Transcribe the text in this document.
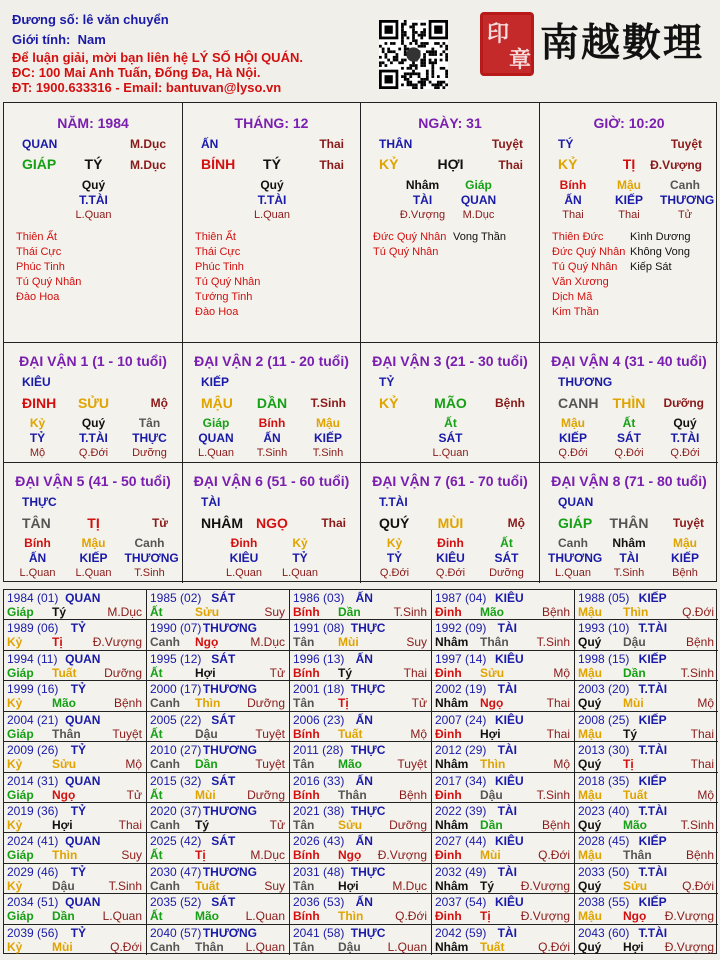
Đương số: lê văn chuyển
Giới tính: Nam
Để luận giải, mời bạn liên hệ LÝ SỐ HỘI QUÁN.
ĐC: 100 Mai Anh Tuấn, Đống Đa, Hà Nội.
ĐT: 1900.633316 - Email: bantuvan@lyso.vn
印
章 南越數理
NĂM: 1984
QUAN
GIÁP	TÝ
M.Dục
M.Dục
Quý
T.TÀI
L.Quan
Thiên Ất
Thái Cực
Phúc Tinh
Tú Quý Nhân
Đào Hoa
THÁNG: 12
ẤN
BÍNH	TÝ
Thai
Thai
Quý
T.TÀI
L.Quan
Thiên Ất
Thái Cực
Phúc Tinh
Tú Quý Nhân
Tướng Tinh
Đào Hoa
NGÀY: 31
THÂN
KỶ	HỢI
Tuyệt
Thai
Nhâm
TÀI
Đ.Vượng
Giáp
QUAN
M.Dục
Đức Quý Nhân
Tú Quý Nhân
Vong Thần
GIỜ: 10:20
TÝ
KỶ	TỊ
Tuyệt
Đ.Vượng
Bính
ẤN
Thai
Mậu
KIẾP
Thai
Canh
THƯƠNG
Tử
Thiên Đức
Đức Quý Nhân
Tú Quý Nhân
Văn Xương
Dịch Mã
Kim Thần
Kình Dương
Không Vong
Kiếp Sát
ĐẠI VẬN 1 (1 - 10 tuổi)
KIÊU
ĐINH	SỬU	Mộ
Kỷ
TỶ
Mộ
Quý
T.TÀI
Q.Đới
Tân
THỰC
Dưỡng
ĐẠI VẬN 2 (11 - 20 tuổi)
KIẾP
MẬU	DẦN	T.Sinh
Giáp
QUAN
L.Quan
Bính
ẤN
T.Sinh
Mậu
KIẾP
T.Sinh
ĐẠI VẬN 3 (21 - 30 tuổi)
TỶ
KỶ	MÃO	Bệnh
Ất
SÁT
L.Quan
ĐẠI VẬN 4 (31 - 40 tuổi)
THƯƠNG
CANH	THÌN	Dưỡng
Mậu
KIẾP
Q.Đới
Ất
SÁT
Q.Đới
Quý
T.TÀI
Q.Đới
ĐẠI VẬN 5 (41 - 50 tuổi)
THỰC
TÂN	TỊ	Tử
Bính
ẤN
L.Quan
Mậu
KIẾP
L.Quan
Canh
THƯƠNG
T.Sinh
ĐẠI VẬN 6 (51 - 60 tuổi)
TÀI
NHÂM NGỌ	Thai
Đinh
KIÊU
L.Quan
Kỷ
TỶ
L.Quan
ĐẠI VẬN 7 (61 - 70 tuổi)
T.TÀI
QUÝ	MÙI	Mộ
Kỷ
TỶ
Q.Đới
Đinh
KIÊU
Q.Đới
Ất
SÁT
Dưỡng
ĐẠI VẬN 8 (71 - 80 tuổi)
QUAN
GIÁP	THÂN	Tuyệt
Canh
THƯƠNG
L.Quan
Nhâm
TÀI
T.Sinh
Mậu
KIẾP
Bệnh
1984 (01) QUAN
Giáp Tý	M.Dục
1985 (02) SÁT
Ất	Sửu	Suy
1986 (03) ẤN
Bính Dần	T.Sinh
1987 (04) KIÊU
Đinh Mão	Bệnh
1988 (05) KIẾP
Mậu Thìn	Q.Đới
1989 (06) TỶ
Kỷ Tị	Đ.Vượng
1990 (07) THƯƠNG
Canh Ngọ	M.Dục
1991 (08) THỰC
Tân Mùi	Suy
1992 (09) TÀI
Nhâm Thân T.Sinh
1993 (10) T.TÀI
Quý Dậu	Bệnh
1994 (11) QUAN
Giáp Tuất Dưỡng
1995 (12) SÁT
Ất	Hợi	Tử
1996 (13) ẤN
Bính Tý	Thai
1997 (14) KIÊU
Đinh Sửu	Mộ
1998 (15) KIẾP
Mậu Dần	T.Sinh
1999 (16) TỶ
Kỷ Mão	Bệnh
2000 (17) THƯƠNG
Canh Thìn Dưỡng
2001 (18) THỰC
Tân Tị	Tử
2002 (19) TÀI
Nhâm Ngọ	Thai
2003 (20) T.TÀI
Quý Mùi	Mộ
2004 (21) QUAN
Giáp Thân	Tuyệt
2005 (22) SÁT
Ất	Dậu	Tuyệt
2006 (23) ẤN
Bính Tuất	Mộ
2007 (24) KIÊU
Đinh Hợi	Thai
2008 (25) KIẾP
Mậu Tý	Thai
2009 (26) TỶ
Kỷ Sửu	Mộ
2010 (27) THƯƠNG
Canh Dần	Tuyệt
2011 (28) THỰC
Tân Mão	Tuyệt
2012 (29) TÀI
Nhâm Thìn	Mộ
2013 (30) T.TÀI
Quý Tị	Thai
2014 (31) QUAN
Giáp Ngọ	Tử
2015 (32) SÁT
Ất	Mùi	Dưỡng
2016 (33) ẤN
Bính Thân	Bệnh
2017 (34) KIÊU
Đinh Dậu	T.Sinh
2018 (35) KIẾP
Mậu Tuất	Mộ
2019 (36) TỶ
Kỷ Hợi	Thai
2020 (37) THƯƠNG
Canh Tý	Tử
2021 (38) THỰC
Tân Sửu Dưỡng
2022 (39) TÀI
Nhâm Dần	Bệnh
2023 (40) T.TÀI
Quý Mão	T.Sinh
2024 (41) QUAN
Giáp Thìn	Suy
2025 (42) SÁT
Ất	Tị	M.Dục
2026 (43) ẤN
Bính Ngọ Đ.Vượng
2027 (44) KIÊU
Đinh Mùi	Q.Đới
2028 (45) KIẾP
Mậu Thân	Bệnh
2029 (46) TỶ
Kỷ Dậu	T.Sinh
2030 (47) THƯƠNG
Canh Tuất	Suy
2031 (48) THỰC
Tân Hợi	M.Dục
2032 (49) TÀI
Nhâm Tý Đ.Vượng
2033 (50) T.TÀI
Quý Sửu	Q.Đới
2034 (51) QUAN
Giáp Dần L.Quan
2035 (52) SÁT
Ất	Mão L.Quan
2036 (53) ẤN
Bính Thìn	Q.Đới
2037 (54) KIÊU
Đinh Tị	Đ.Vượng
2038 (55) KIẾP
Mậu Ngọ Đ.Vượng
2039 (56) TỶ
Kỷ Mùi	Q.Đới
2040 (57) THƯƠNG
Canh Thân L.Quan
2041 (58) THỰC
Tân Dậu L.Quan
2042 (59) TÀI
Nhâm Tuất	Q.Đới
2043 (60) T.TÀI
Quý Hợi Đ.Vượng
